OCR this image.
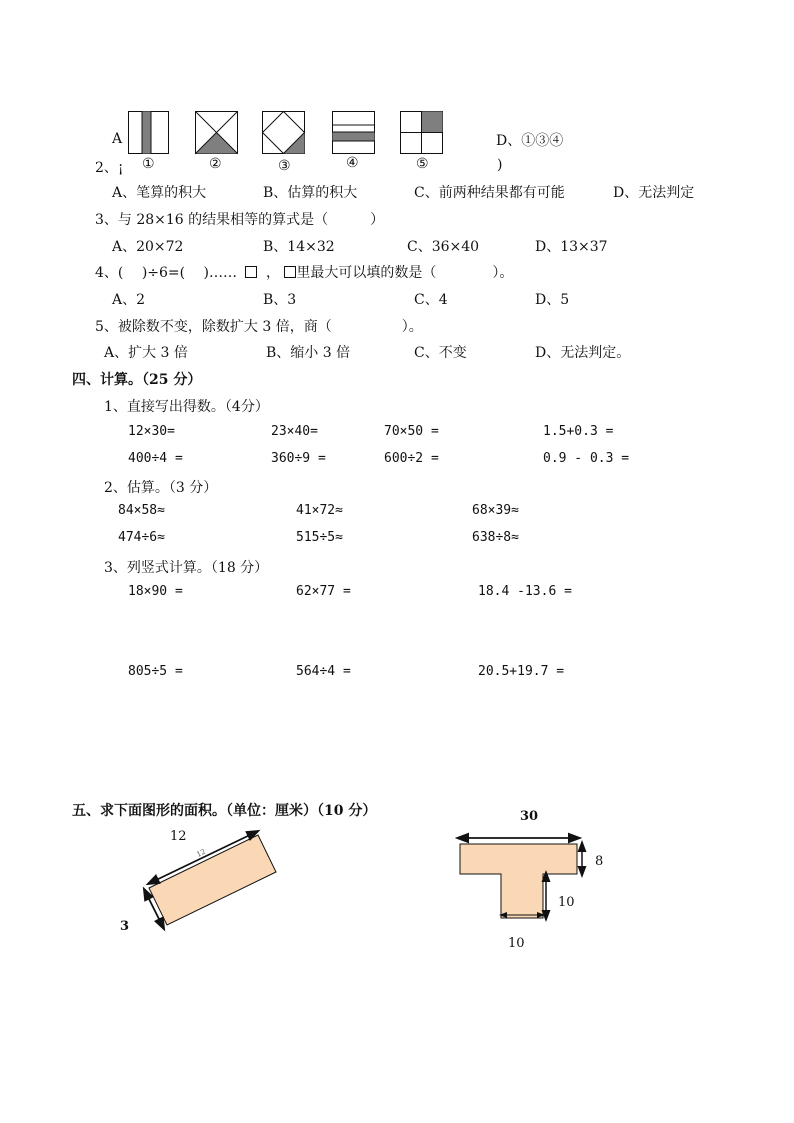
A	D、①③④
2、¡ ①	②	③	④	⑤	)
A、笔算的积大	B、估算的积大	C、前两种结果都有可能	D、无法判定
3、与 28×16 的结果相等的算式是（　　　）
A、20×72	B、14×32	C、36×40	D、13×37
4、(　 )÷6=(　 )…… ， 里最大可以填的数是（　　　　）。
A、2	B、3	C、4	D、5
5、被除数不变，除数扩大 3 倍，商（　　　　　）。
A、扩大 3 倍	B、缩小 3 倍	C、不变	D、无法判定。
四、计算。（25 分）
1、直接写出得数。（4分）
12×30=	23×40=	70×50 =	1.5+0.3 =
400÷4 =	360÷9 =	600÷2 =	0.9 - 0.3 =
2、估算。（3 分）
84×58≈	41×72≈	68×39≈
474÷6≈	515÷5≈	638÷8≈
3、列竖式计算。（18 分）
18×90 =	62×77 =	18.4 -13.6 =
805÷5 =	564÷4 =	20.5+19.7 =
五、求下面图形的面积。（单位：厘米）（10 分）
12
12
3
30
8
10
10
